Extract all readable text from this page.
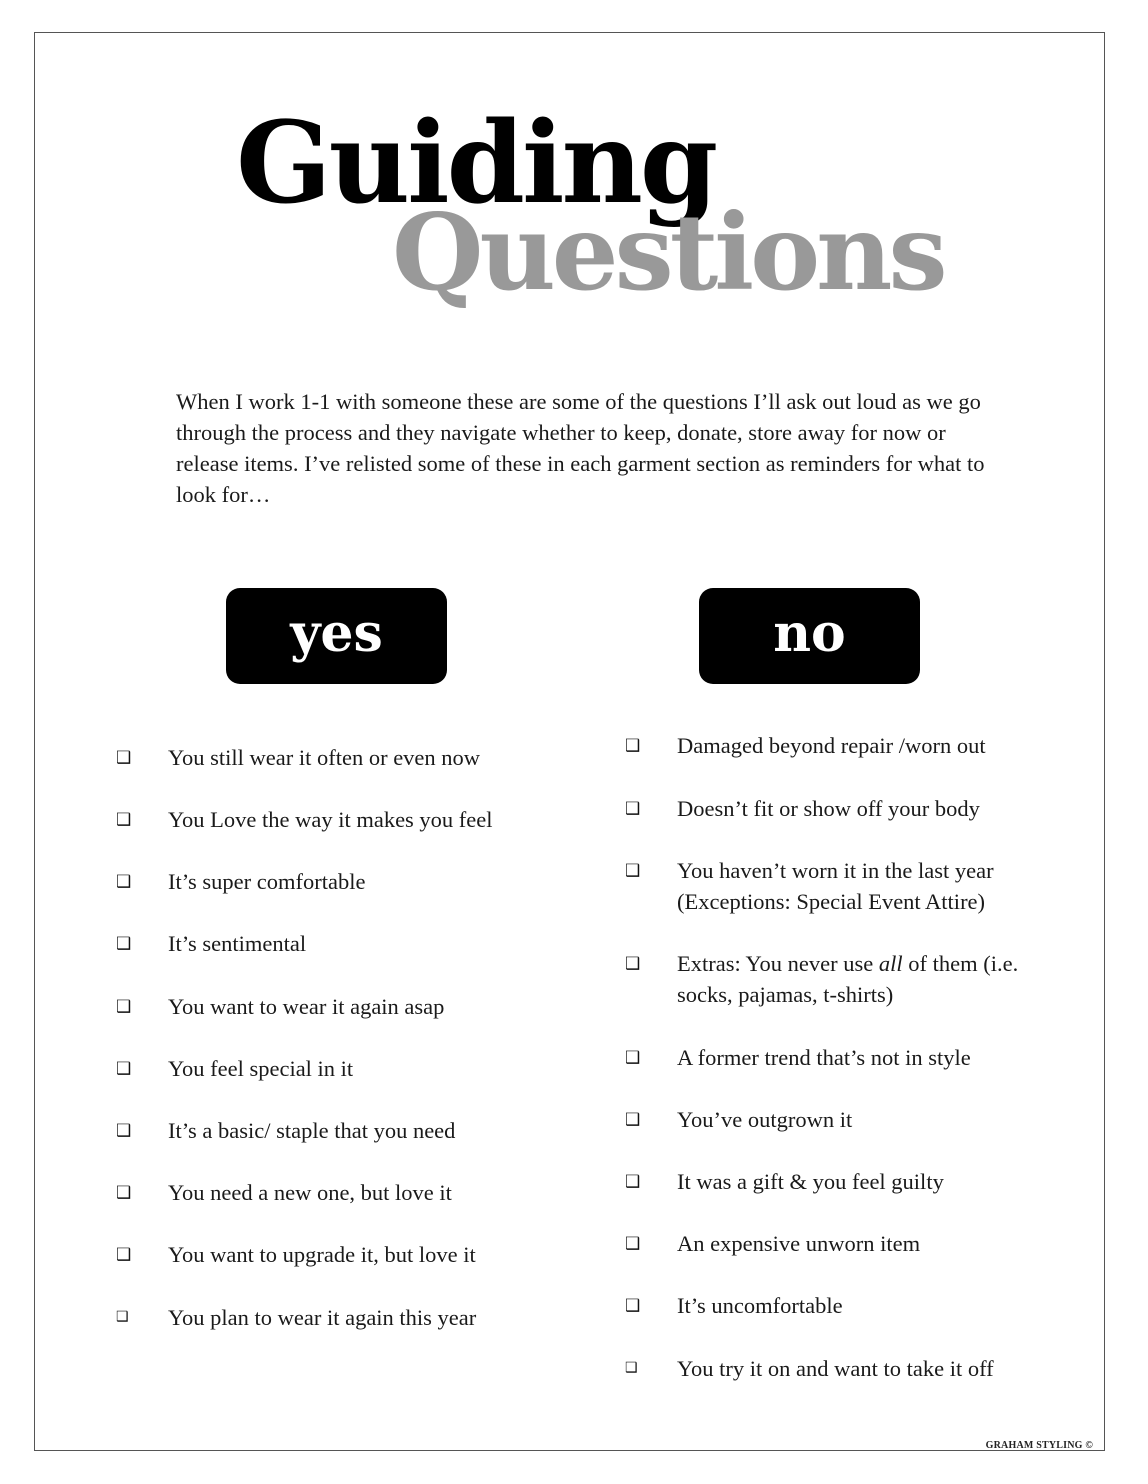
Guiding
Questions

When I work 1-1 with someone these are some of the questions I’ll ask out loud as we go through the process and they navigate whether to keep, donate, store away for now or release items. I’ve relisted some of these in each garment section as reminders for what to look for…

yes	no
❑ You still wear it often or even now
❑ You Love the way it makes you feel
❑ It’s super comfortable
❑ It’s sentimental
❑ You want to wear it again asap
❑ You feel special in it
❑ It’s a basic/ staple that you need
❑ You need a new one, but love it
❑ You want to upgrade it, but love it
❑ You plan to wear it again this year
❑ Damaged beyond repair /worn out
❑ Doesn’t fit or show off your body
❑ You haven’t worn it in the last year
(Exceptions: Special Event Attire)
❑ Extras: You never use all of them (i.e.
socks, pajamas, t-shirts)
❑ A former trend that’s not in style
❑ You’ve outgrown it
❑ It was a gift & you feel guilty
❑ An expensive unworn item
❑ It’s uncomfortable
❑ You try it on and want to take it off
GRAHAM STYLING ©
